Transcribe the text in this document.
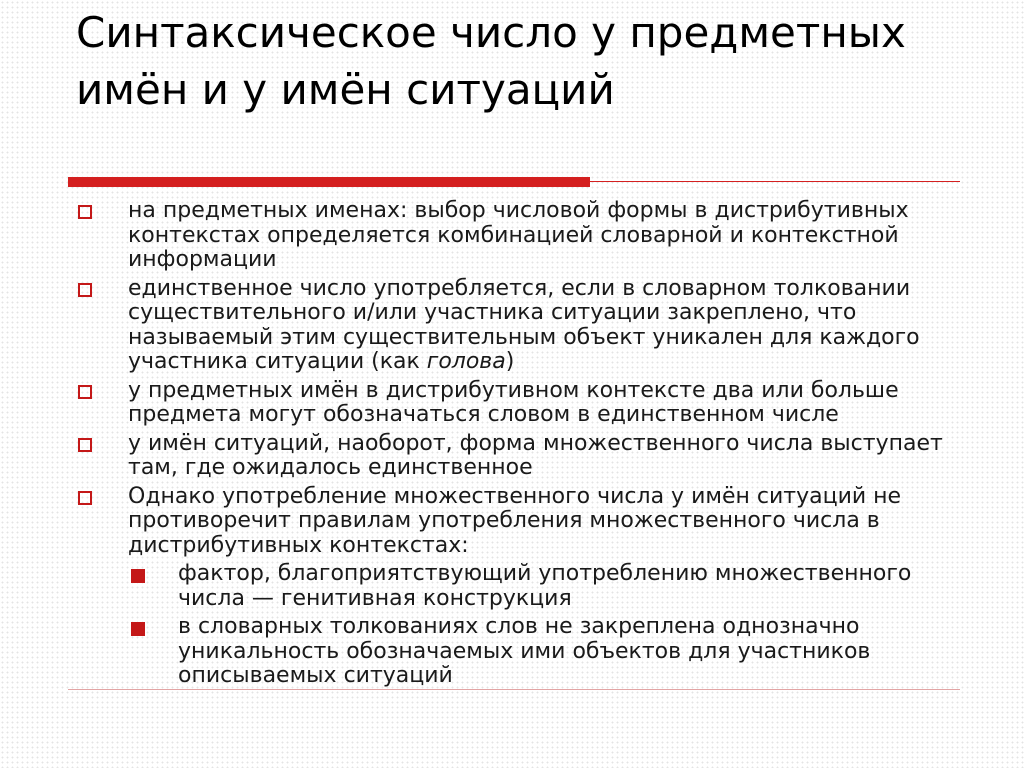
Синтаксическое число у предметных имён и у имён ситуаций
на предметных именах: выбор числовой формы в дистрибутивных контекстах определяется комбинацией словарной и контекстной информации
единственное число употребляется, если в словарном толковании существительного и/или участника ситуации закреплено, что называемый этим существительным объект уникален для каждого участника ситуации (как голова)
у предметных имён в дистрибутивном контексте два или больше предмета могут обозначаться словом в единственном числе
у имён ситуаций, наоборот, форма множественного числа выступает там, где ожидалось единственное
Однако употребление множественного числа у имён ситуаций не противоречит правилам употребления множественного числа в дистрибутивных контекстах:
фактор, благоприятствующий употреблению множественного числа — генитивная конструкция
в словарных толкованиях слов не закреплена однозначно уникальность обозначаемых ими объектов для участников описываемых ситуаций
